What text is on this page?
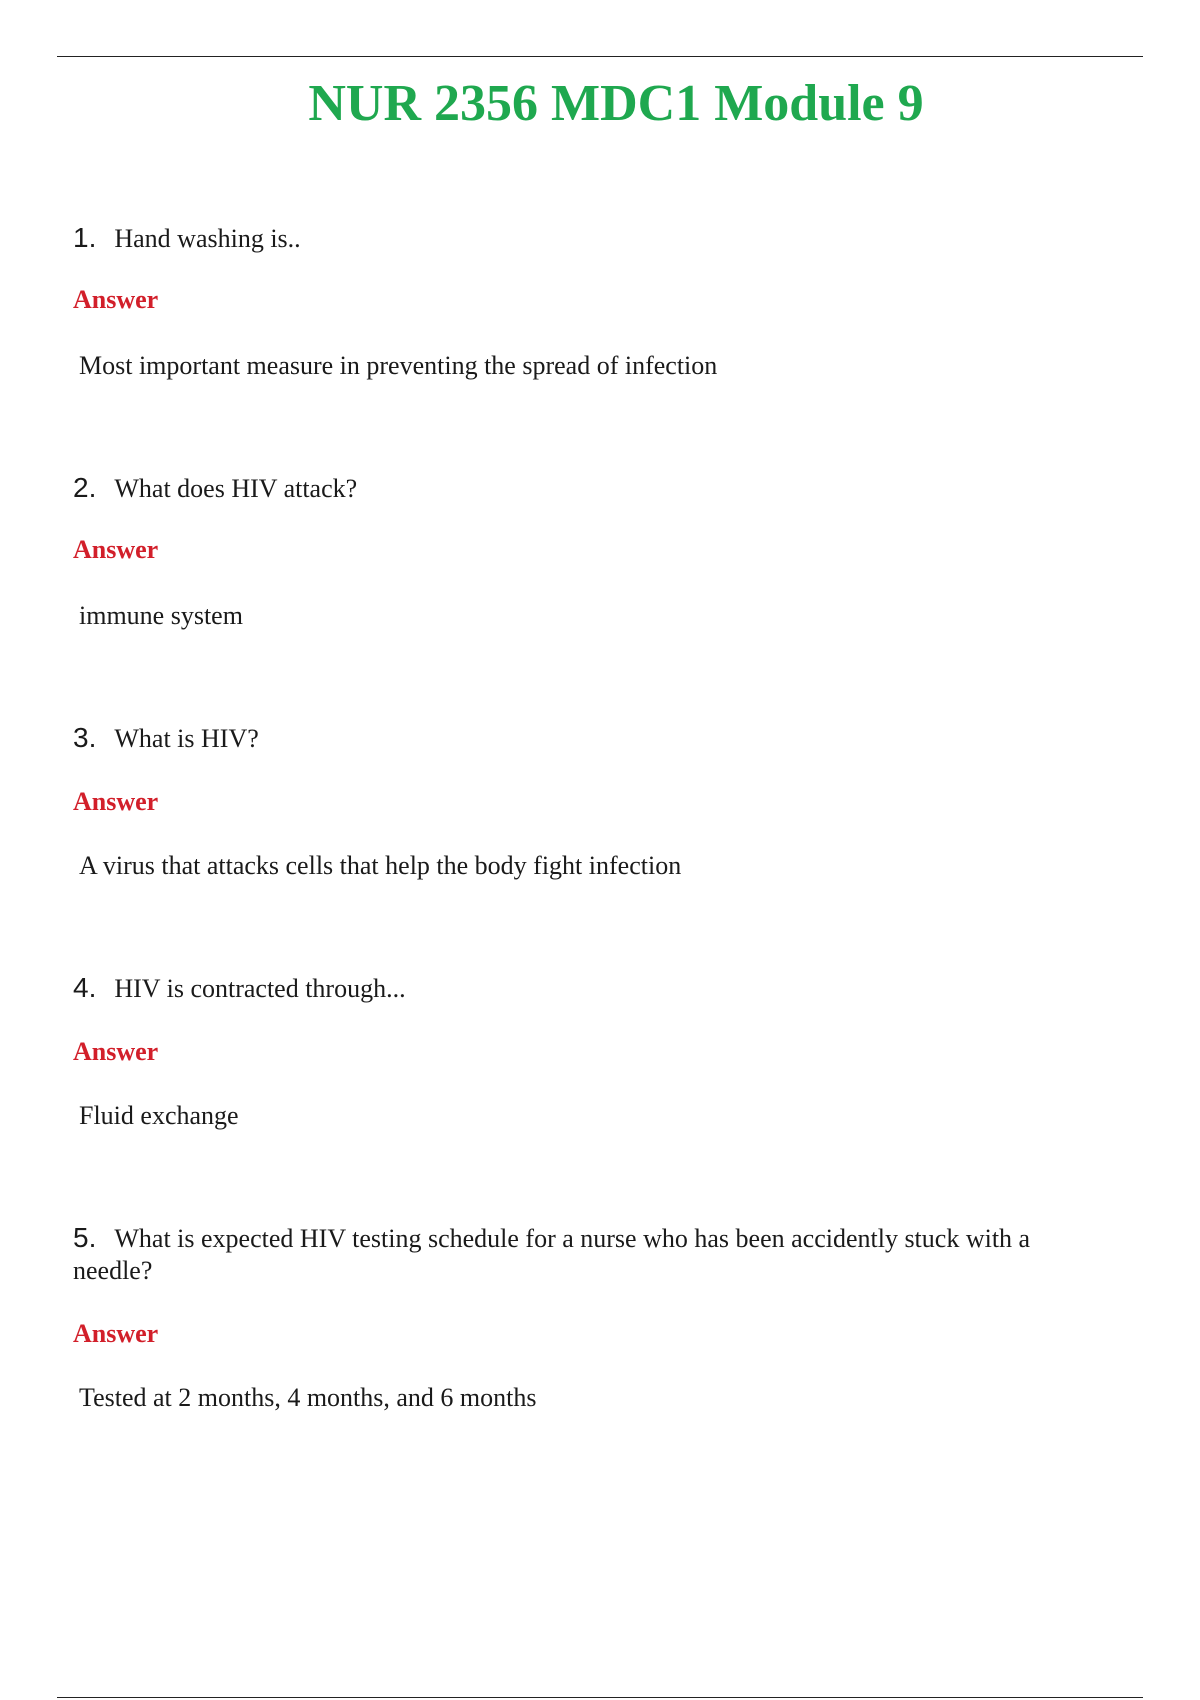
NUR 2356 MDC1 Module 9

1. Hand washing is..

Answer

Most important measure in preventing the spread of infection

2. What does HIV attack?

Answer

immune system

3. What is HIV?

Answer

A virus that attacks cells that help the body fight infection

4. HIV is contracted through...

Answer

Fluid exchange

5. What is expected HIV testing schedule for a nurse who has been accidently stuck with a needle?

Answer

Tested at 2 months, 4 months, and 6 months
